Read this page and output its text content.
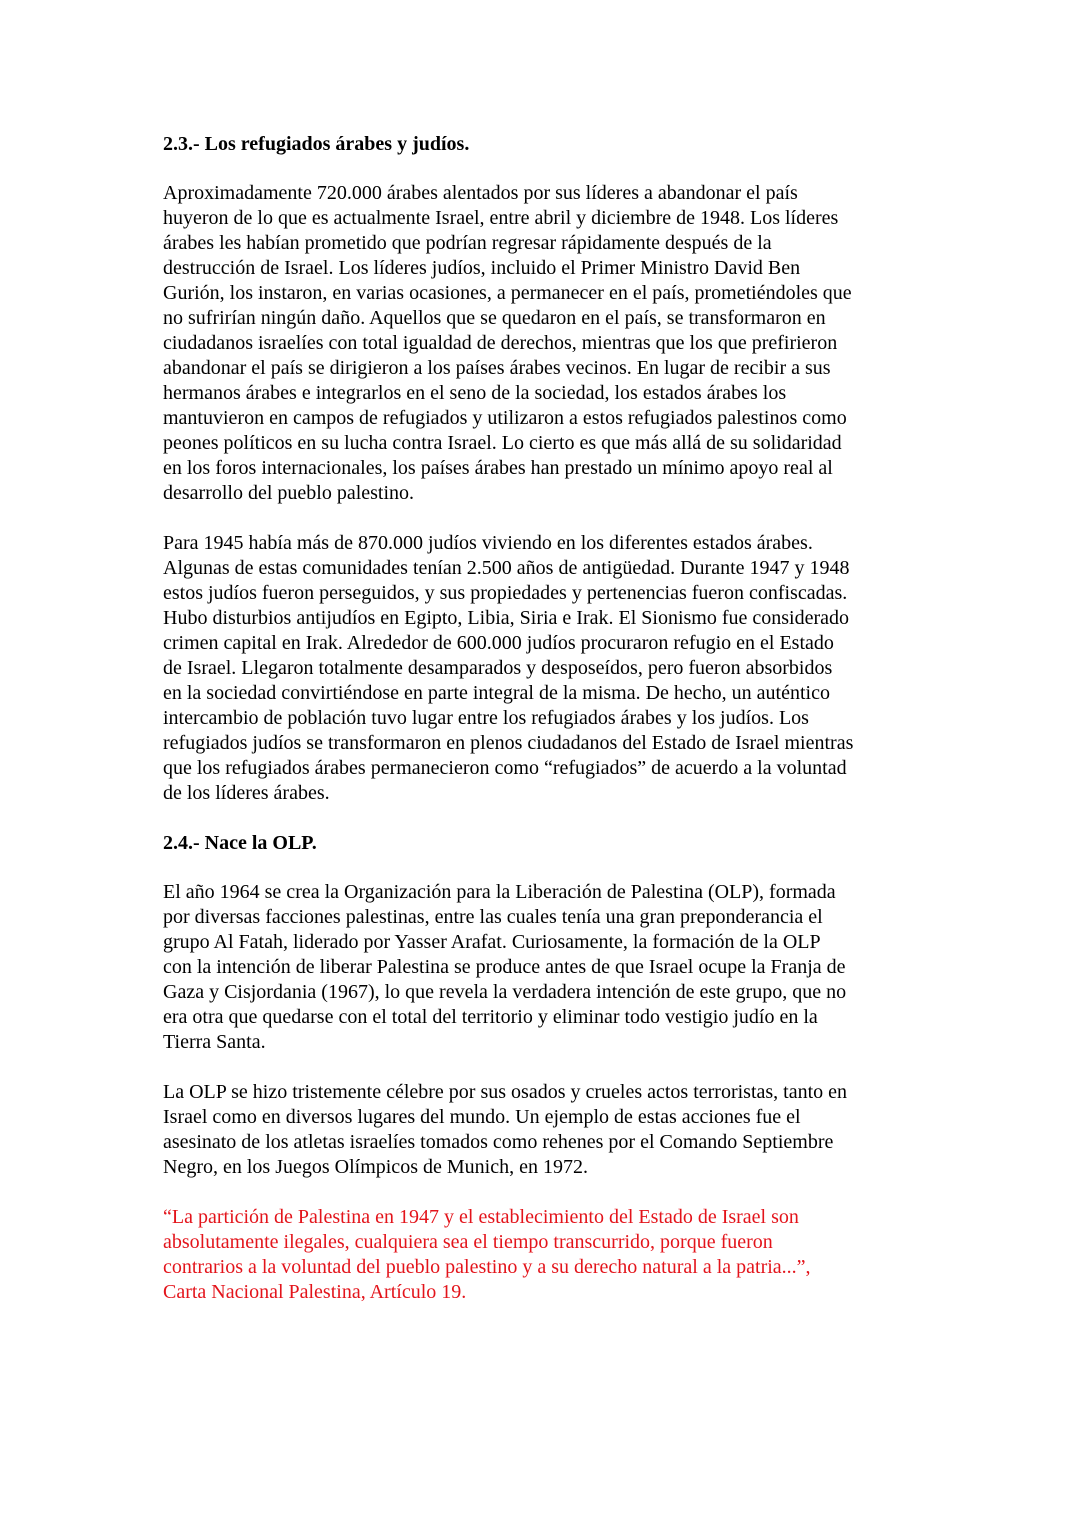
2.3.- Los refugiados árabes y judíos.
Aproximadamente 720.000 árabes alentados por sus líderes a abandonar el país
huyeron de lo que es actualmente Israel, entre abril y diciembre de 1948. Los líderes
árabes les habían prometido que podrían regresar rápidamente después de la
destrucción de Israel. Los líderes judíos, incluido el Primer Ministro David Ben
Gurión, los instaron, en varias ocasiones, a permanecer en el país, prometiéndoles que
no sufrirían ningún daño. Aquellos que se quedaron en el país, se transformaron en
ciudadanos israelíes con total igualdad de derechos, mientras que los que prefirieron
abandonar el país se dirigieron a los países árabes vecinos. En lugar de recibir a sus
hermanos árabes e integrarlos en el seno de la sociedad, los estados árabes los
mantuvieron en campos de refugiados y utilizaron a estos refugiados palestinos como
peones políticos en su lucha contra Israel. Lo cierto es que más allá de su solidaridad
en los foros internacionales, los países árabes han prestado un mínimo apoyo real al
desarrollo del pueblo palestino.
Para 1945 había más de 870.000 judíos viviendo en los diferentes estados árabes.
Algunas de estas comunidades tenían 2.500 años de antigüedad. Durante 1947 y 1948
estos judíos fueron perseguidos, y sus propiedades y pertenencias fueron confiscadas.
Hubo disturbios antijudíos en Egipto, Libia, Siria e Irak. El Sionismo fue considerado
crimen capital en Irak. Alrededor de 600.000 judíos procuraron refugio en el Estado
de Israel. Llegaron totalmente desamparados y desposeídos, pero fueron absorbidos
en la sociedad convirtiéndose en parte integral de la misma. De hecho, un auténtico
intercambio de población tuvo lugar entre los refugiados árabes y los judíos. Los
refugiados judíos se transformaron en plenos ciudadanos del Estado de Israel mientras
que los refugiados árabes permanecieron como “refugiados” de acuerdo a la voluntad
de los líderes árabes.
2.4.- Nace la OLP.
El año 1964 se crea la Organización para la Liberación de Palestina (OLP), formada
por diversas facciones palestinas, entre las cuales tenía una gran preponderancia el
grupo Al Fatah, liderado por Yasser Arafat. Curiosamente, la formación de la OLP
con la intención de liberar Palestina se produce antes de que Israel ocupe la Franja de
Gaza y Cisjordania (1967), lo que revela la verdadera intención de este grupo, que no
era otra que quedarse con el total del territorio y eliminar todo vestigio judío en la
Tierra Santa.
La OLP se hizo tristemente célebre por sus osados y crueles actos terroristas, tanto en
Israel como en diversos lugares del mundo. Un ejemplo de estas acciones fue el
asesinato de los atletas israelíes tomados como rehenes por el Comando Septiembre
Negro, en los Juegos Olímpicos de Munich, en 1972.
“La partición de Palestina en 1947 y el establecimiento del Estado de Israel son
absolutamente ilegales, cualquiera sea el tiempo transcurrido, porque fueron
contrarios a la voluntad del pueblo palestino y a su derecho natural a la patria...”,
Carta Nacional Palestina, Artículo 19.
